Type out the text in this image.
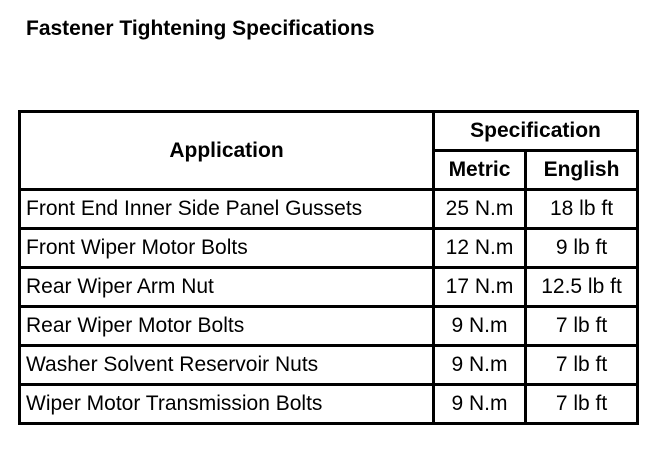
Fastener Tightening Specifications
Application	Specification	
	Metric	English
Front End Inner Side Panel Gussets	25 N.m	18 lb ft
Front Wiper Motor Bolts	12 N.m	9 lb ft
Rear Wiper Arm Nut	17 N.m	12.5 lb ft
Rear Wiper Motor Bolts	9 N.m	7 lb ft
Washer Solvent Reservoir Nuts	9 N.m	7 lb ft
Wiper Motor Transmission Bolts	9 N.m	7 lb ft
